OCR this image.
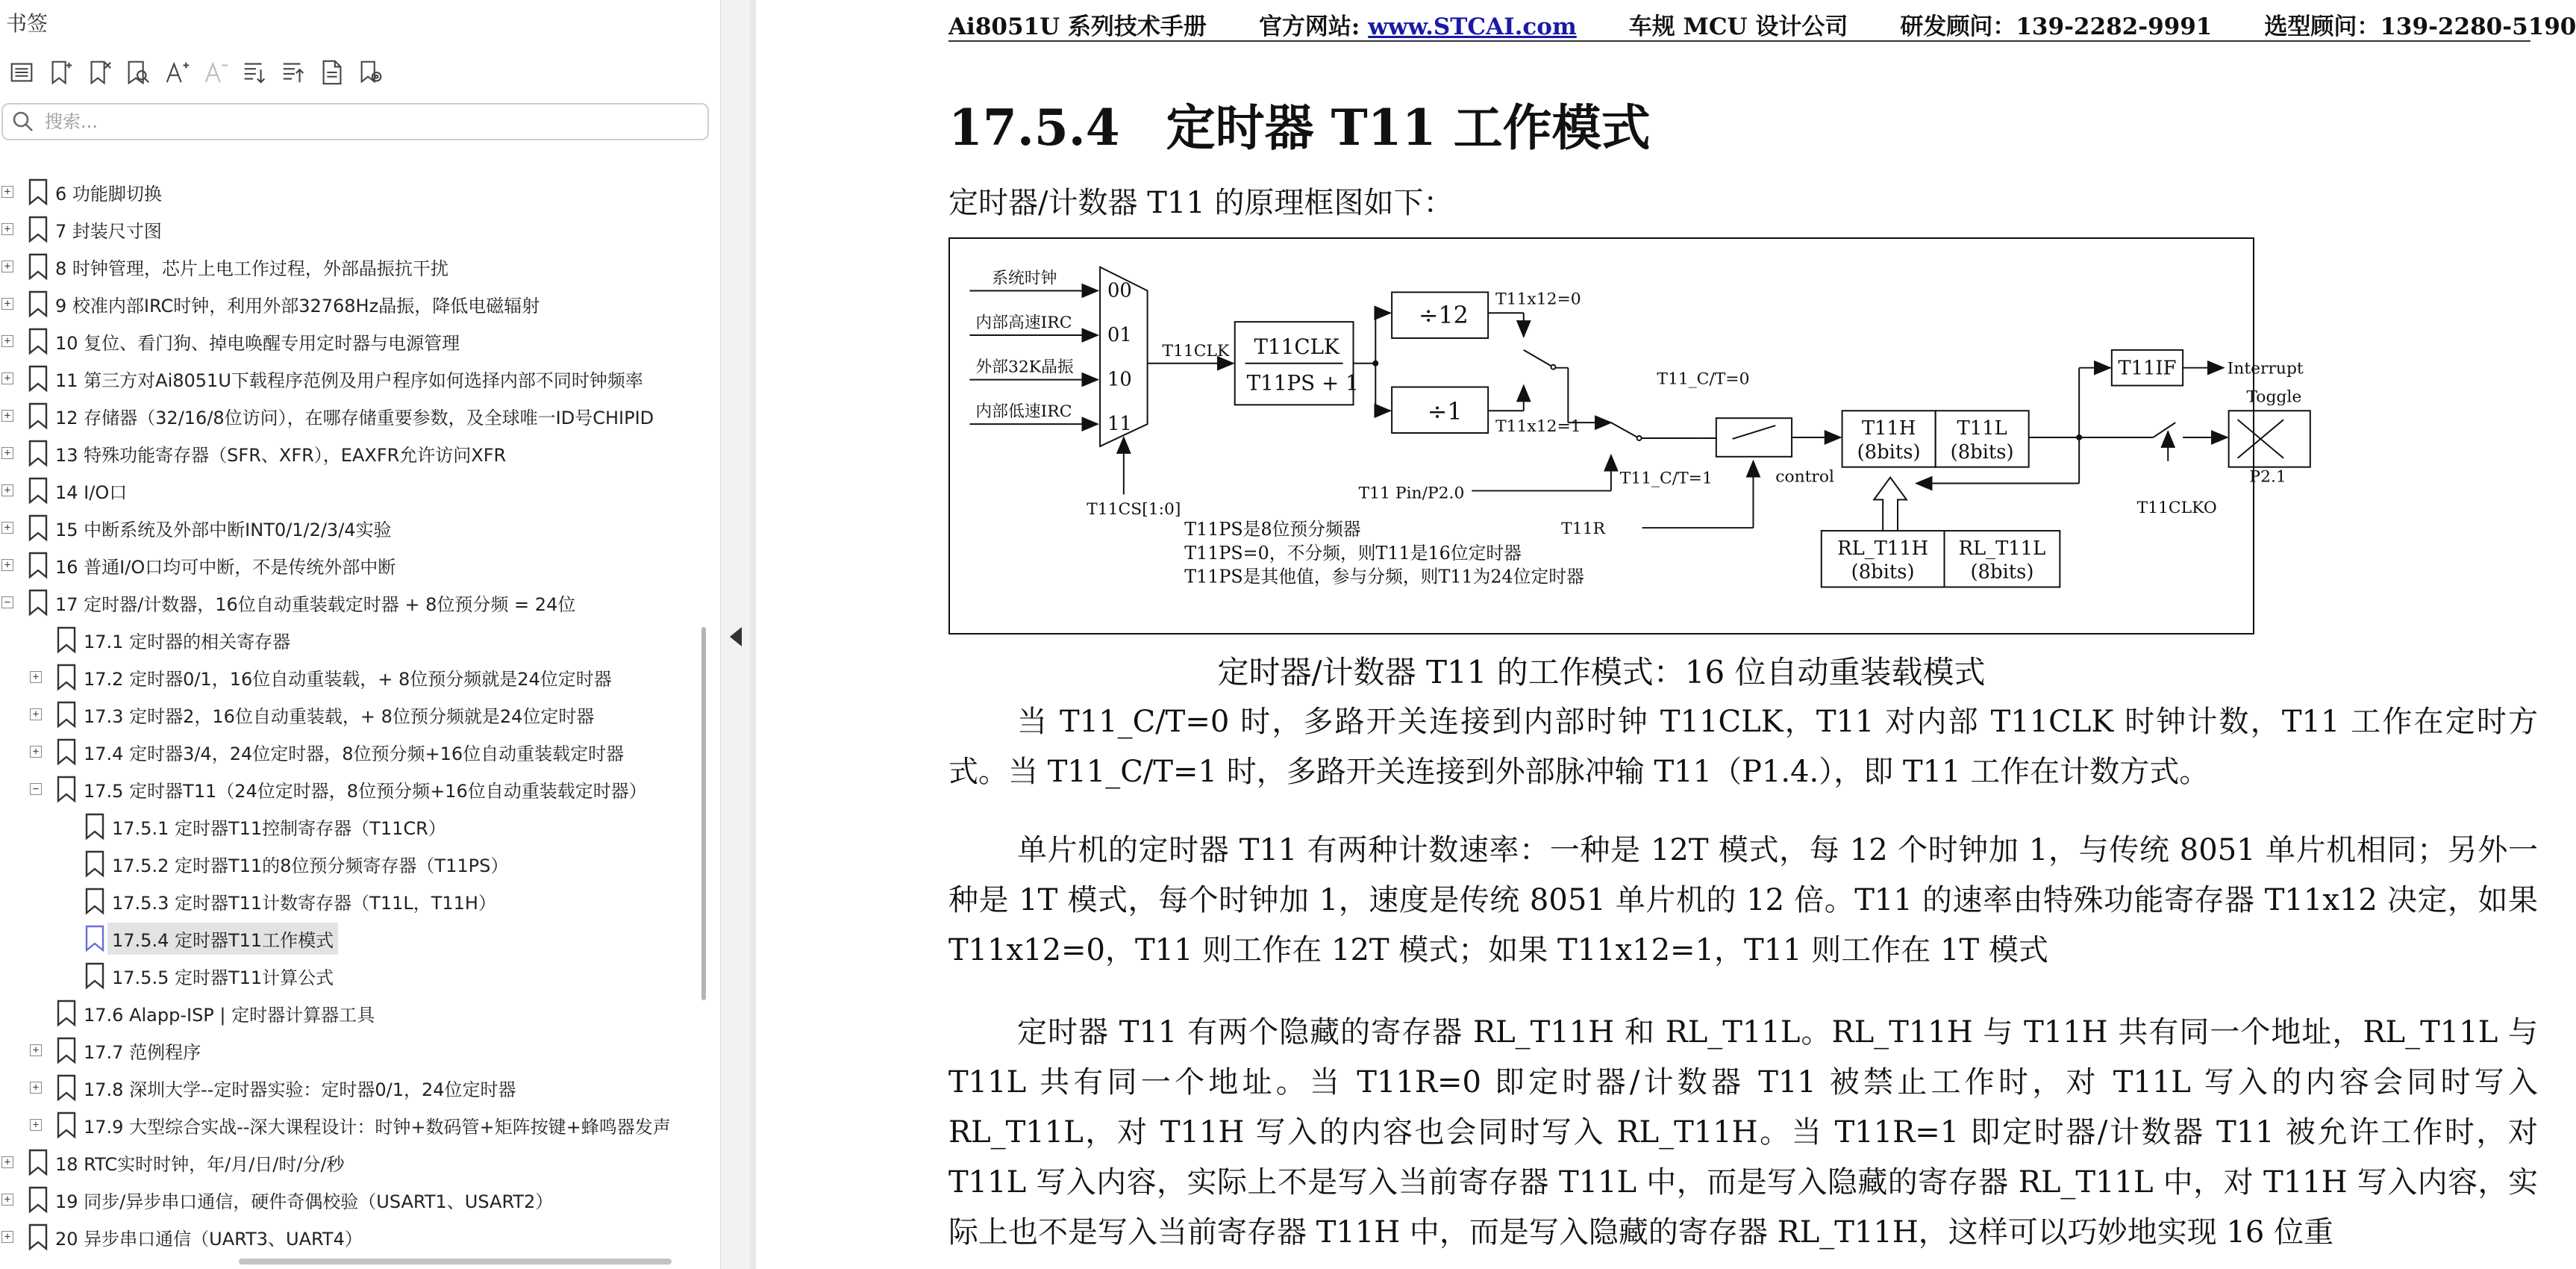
书签
搜索...
+ 6 功能脚切换
+ 7 封装尺寸图
+ 8 时钟管理，芯片上电工作过程，外部晶振抗干扰
+ 9 校准内部IRC时钟，利用外部32768Hz晶振，降低电磁辐射
+ 10 复位、看门狗、掉电唤醒专用定时器与电源管理
+ 11 第三方对Ai8051U下载程序范例及用户程序如何选择内部不同时钟频率
+ 12 存储器（32/16/8位访问），在哪存储重要参数，及全球唯一ID号CHIPID
+ 13 特殊功能寄存器（SFR、XFR），EAXFR允许访问XFR
+ 14 I/O口
+ 15 中断系统及外部中断INT0/1/2/3/4实验
+ 16 普通I/O口均可中断，不是传统外部中断
− 17 定时器/计数器，16位自动重装载定时器 + 8位预分频 = 24位
17.1 定时器的相关寄存器
+ 17.2 定时器0/1，16位自动重装载，+ 8位预分频就是24位定时器
+ 17.3 定时器2，16位自动重装载，+ 8位预分频就是24位定时器
+ 17.4 定时器3/4，24位定时器，8位预分频+16位自动重装载定时器
− 17.5 定时器T11（24位定时器，8位预分频+16位自动重装载定时器）
17.5.1 定时器T11控制寄存器（T11CR）
17.5.2 定时器T11的8位预分频寄存器（T11PS）
17.5.3 定时器T11计数寄存器（T11L，T11H）
17.5.4 定时器T11工作模式
17.5.5 定时器T11计算公式
17.6 Alapp-ISP | 定时器计算器工具
+ 17.7 范例程序
+ 17.8 深圳大学--定时器实验：定时器0/1，24位定时器
+ 17.9 大型综合实战--深大课程设计：时钟+数码管+矩阵按键+蜂鸣器发声
+ 18 RTC实时时钟，年/月/日/时/分/秒
+ 19 同步/异步串口通信，硬件奇偶校验（USART1、USART2）
+ 20 异步串口通信（UART3、UART4）
Ai8051U 系列技术手册 官方网站: www.STCAI.com 车规 MCU 设计公司 研发顾问：139-2282-9991 选型顾问：139-2280-5190
17.5.4 定时器 T11 工作模式
定时器/计数器 T11 的原理框图如下：
系统时钟
内部高速IRC
外部32K晶振
内部低速IRC
00
01
10
11
T11CS[1:0]
T11CLK T11CLK
T11PS + 1
÷12
÷1
T11x12=0
T11x12=1
T11_C/T=0
T11_C/T=1
T11 Pin/P2.0
T11R
control
T11H
(8bits)
T11L
(8bits)
RL_T11H
(8bits)
RL_T11L
(8bits)
T11IF	Interrupt
Toggle
P2.1
T11CLKO
T11PS是8位预分频器
T11PS=0，不分频，则T11是16位定时器
T11PS是其他值，参与分频，则T11为24位定时器
定时器/计数器 T11 的工作模式：16 位自动重装载模式

当 T11_C/T=0 时，多路开关连接到内部时钟 T11CLK，T11 对内部 T11CLK 时钟计数，T11 工作在定时方式。当 T11_C/T=1 时，多路开关连接到外部脉冲输 T11（P1.4.），即 T11 工作在计数方式。

单片机的定时器 T11 有两种计数速率：一种是 12T 模式，每 12 个时钟加 1，与传统 8051 单片机相同；另外一种是 1T 模式，每个时钟加 1，速度是传统 8051 单片机的 12 倍。T11 的速率由特殊功能寄存器 T11x12 决定，如果 T11x12=0，T11 则工作在 12T 模式；如果 T11x12=1，T11 则工作在 1T 模式

定时器 T11 有两个隐藏的寄存器 RL_T11H 和 RL_T11L。RL_T11H 与 T11H 共有同一个地址，RL_T11L 与 T11L 共有同一个地址。当 T11R=0 即定时器/计数器 T11 被禁止工作时，对 T11L 写入的内容会同时写入 RL_T11L，对 T11H 写入的内容也会同时写入 RL_T11H。当 T11R=1 即定时器/计数器 T11 被允许工作时，对 T11L 写入内容，实际上不是写入当前寄存器 T11L 中，而是写入隐藏的寄存器 RL_T11L 中，对 T11H 写入内容，实际上也不是写入当前寄存器 T11H 中，而是写入隐藏的寄存器 RL_T11H，这样可以巧妙地实现 16 位重
